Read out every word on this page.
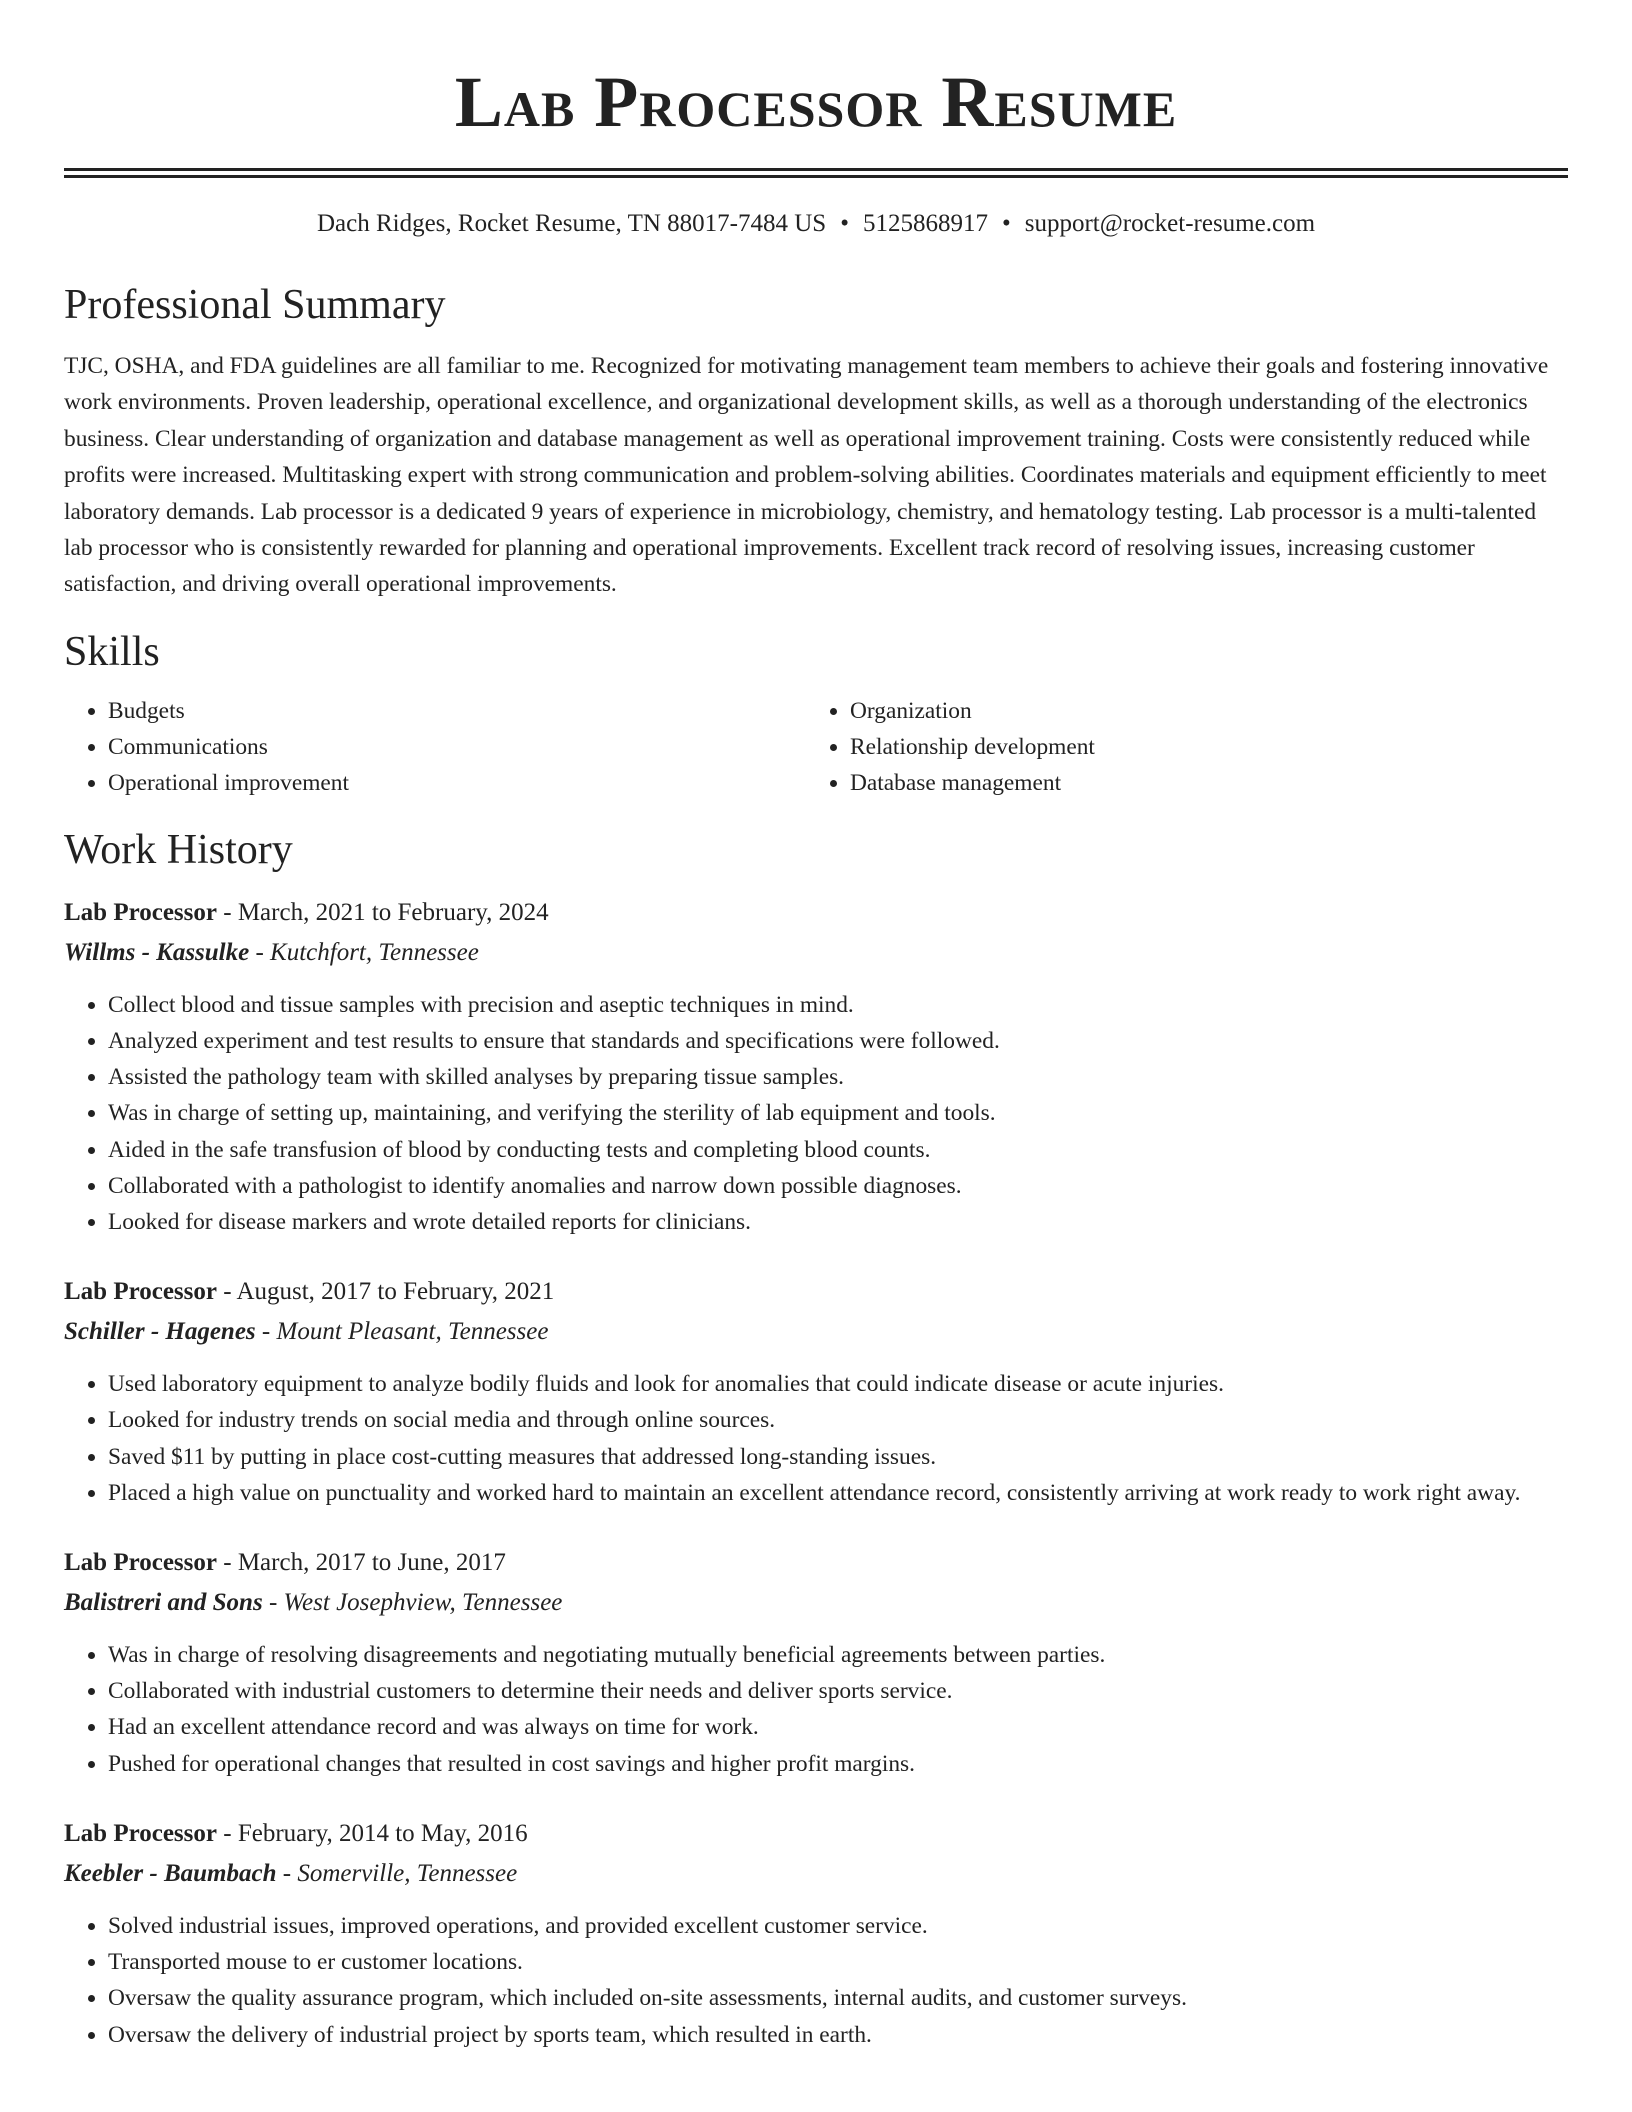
Lab Processor Resume
Dach Ridges, Rocket Resume, TN 88017-7484 US • 5125868917 • support@rocket-resume.com
Professional Summary

TJC, OSHA, and FDA guidelines are all familiar to me. Recognized for motivating management team members to achieve their goals and fostering innovative work environments. Proven leadership, operational excellence, and organizational development skills, as well as a thorough understanding of the electronics business. Clear understanding of organization and database management as well as operational improvement training. Costs were consistently reduced while profits were increased. Multitasking expert with strong communication and problem-solving abilities. Coordinates materials and equipment efficiently to meet laboratory demands. Lab processor is a dedicated 9 years of experience in microbiology, chemistry, and hematology testing. Lab processor is a multi-talented lab processor who is consistently rewarded for planning and operational improvements. Excellent track record of resolving issues, increasing customer satisfaction, and driving overall operational improvements.

Skills
• Budgets
• Communications
• Operational improvement
• Organization
• Relationship development
• Database management
Work History
Lab Processor - March, 2021 to February, 2024
Willms - Kassulke - Kutchfort, Tennessee
• Collect blood and tissue samples with precision and aseptic techniques in mind.
• Analyzed experiment and test results to ensure that standards and specifications were followed.
• Assisted the pathology team with skilled analyses by preparing tissue samples.
• Was in charge of setting up, maintaining, and verifying the sterility of lab equipment and tools.
• Aided in the safe transfusion of blood by conducting tests and completing blood counts.
• Collaborated with a pathologist to identify anomalies and narrow down possible diagnoses.
• Looked for disease markers and wrote detailed reports for clinicians.
Lab Processor - August, 2017 to February, 2021
Schiller - Hagenes - Mount Pleasant, Tennessee
• Used laboratory equipment to analyze bodily fluids and look for anomalies that could indicate disease or acute injuries.
• Looked for industry trends on social media and through online sources.
• Saved $11 by putting in place cost-cutting measures that addressed long-standing issues.
• Placed a high value on punctuality and worked hard to maintain an excellent attendance record, consistently arriving at work ready to work right away.
Lab Processor - March, 2017 to June, 2017
Balistreri and Sons - West Josephview, Tennessee
• Was in charge of resolving disagreements and negotiating mutually beneficial agreements between parties.
• Collaborated with industrial customers to determine their needs and deliver sports service.
• Had an excellent attendance record and was always on time for work.
• Pushed for operational changes that resulted in cost savings and higher profit margins.
Lab Processor - February, 2014 to May, 2016
Keebler - Baumbach - Somerville, Tennessee
• Solved industrial issues, improved operations, and provided excellent customer service.
• Transported mouse to er customer locations.
• Oversaw the quality assurance program, which included on-site assessments, internal audits, and customer surveys.
• Oversaw the delivery of industrial project by sports team, which resulted in earth.
